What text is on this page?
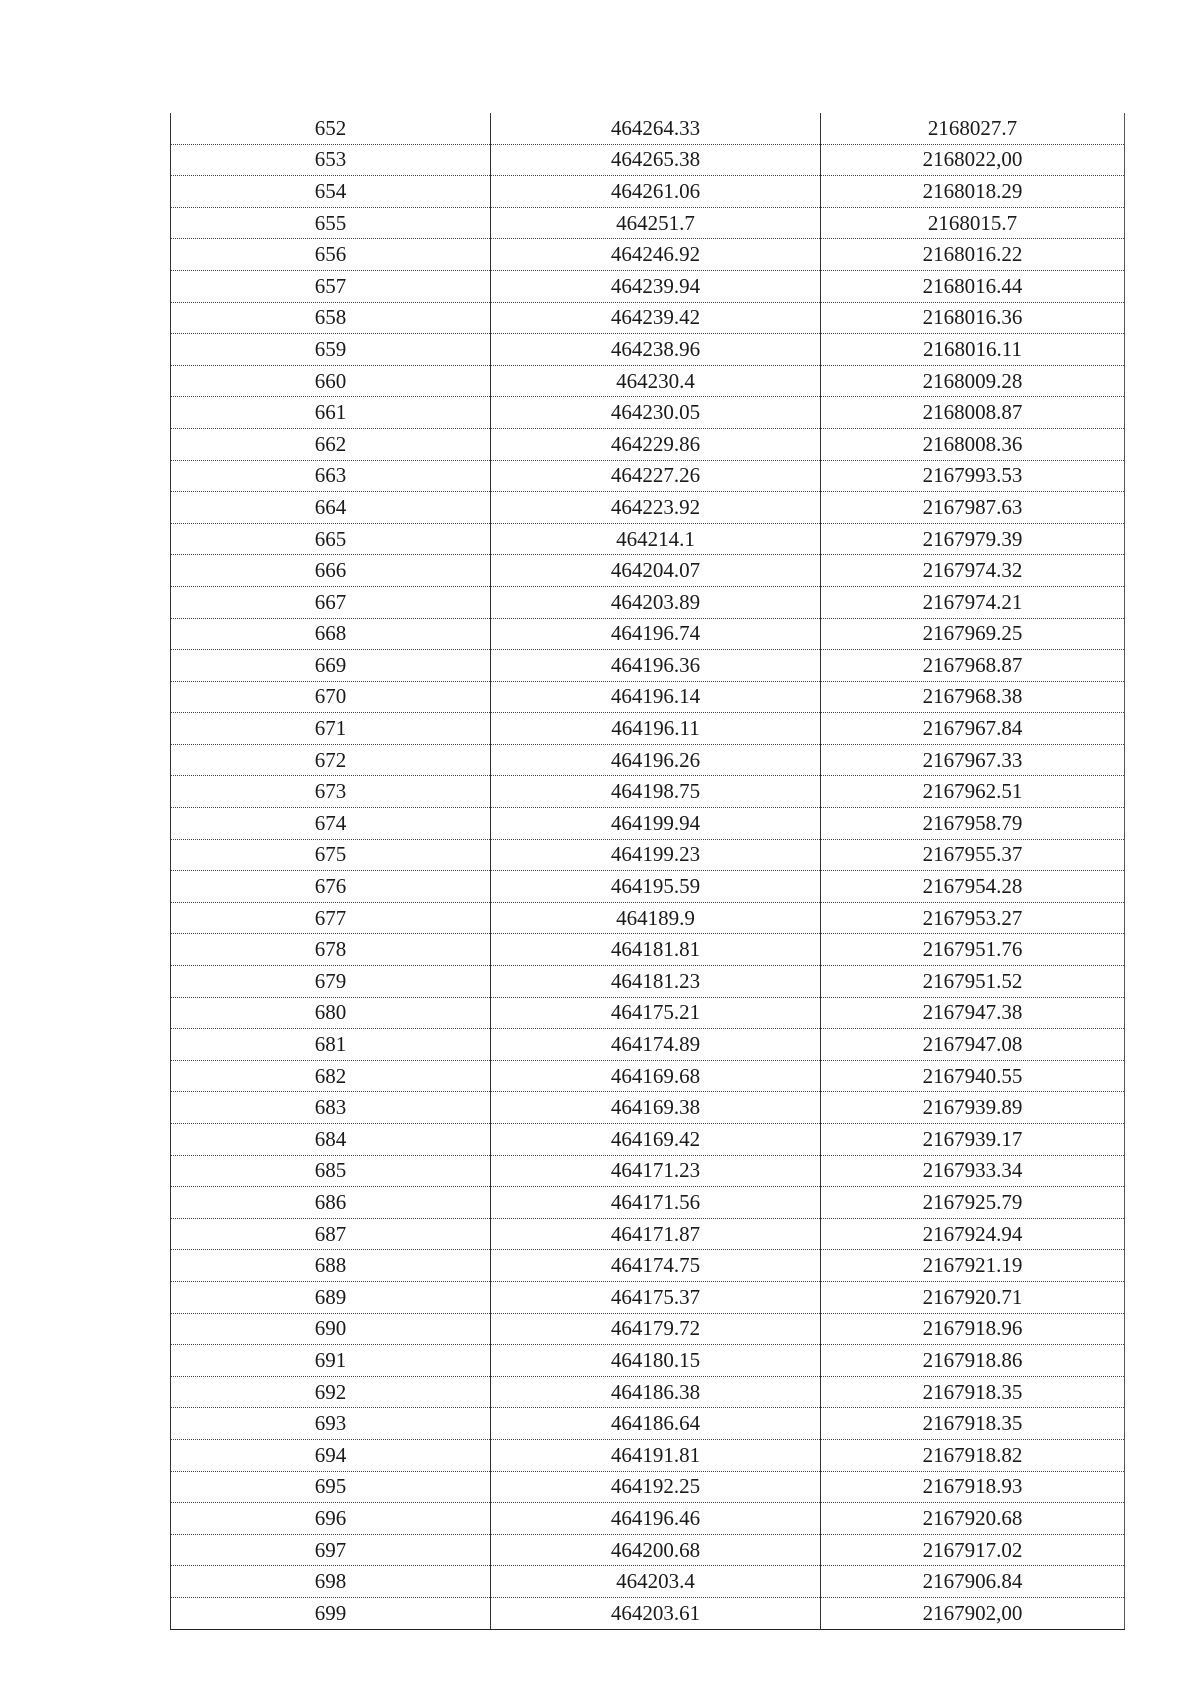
652	464264.33	2168027.7
653	464265.38	2168022,00
654	464261.06	2168018.29
655	464251.7	2168015.7
656	464246.92	2168016.22
657	464239.94	2168016.44
658	464239.42	2168016.36
659	464238.96	2168016.11
660	464230.4	2168009.28
661	464230.05	2168008.87
662	464229.86	2168008.36
663	464227.26	2167993.53
664	464223.92	2167987.63
665	464214.1	2167979.39
666	464204.07	2167974.32
667	464203.89	2167974.21
668	464196.74	2167969.25
669	464196.36	2167968.87
670	464196.14	2167968.38
671	464196.11	2167967.84
672	464196.26	2167967.33
673	464198.75	2167962.51
674	464199.94	2167958.79
675	464199.23	2167955.37
676	464195.59	2167954.28
677	464189.9	2167953.27
678	464181.81	2167951.76
679	464181.23	2167951.52
680	464175.21	2167947.38
681	464174.89	2167947.08
682	464169.68	2167940.55
683	464169.38	2167939.89
684	464169.42	2167939.17
685	464171.23	2167933.34
686	464171.56	2167925.79
687	464171.87	2167924.94
688	464174.75	2167921.19
689	464175.37	2167920.71
690	464179.72	2167918.96
691	464180.15	2167918.86
692	464186.38	2167918.35
693	464186.64	2167918.35
694	464191.81	2167918.82
695	464192.25	2167918.93
696	464196.46	2167920.68
697	464200.68	2167917.02
698	464203.4	2167906.84
699	464203.61	2167902,00
